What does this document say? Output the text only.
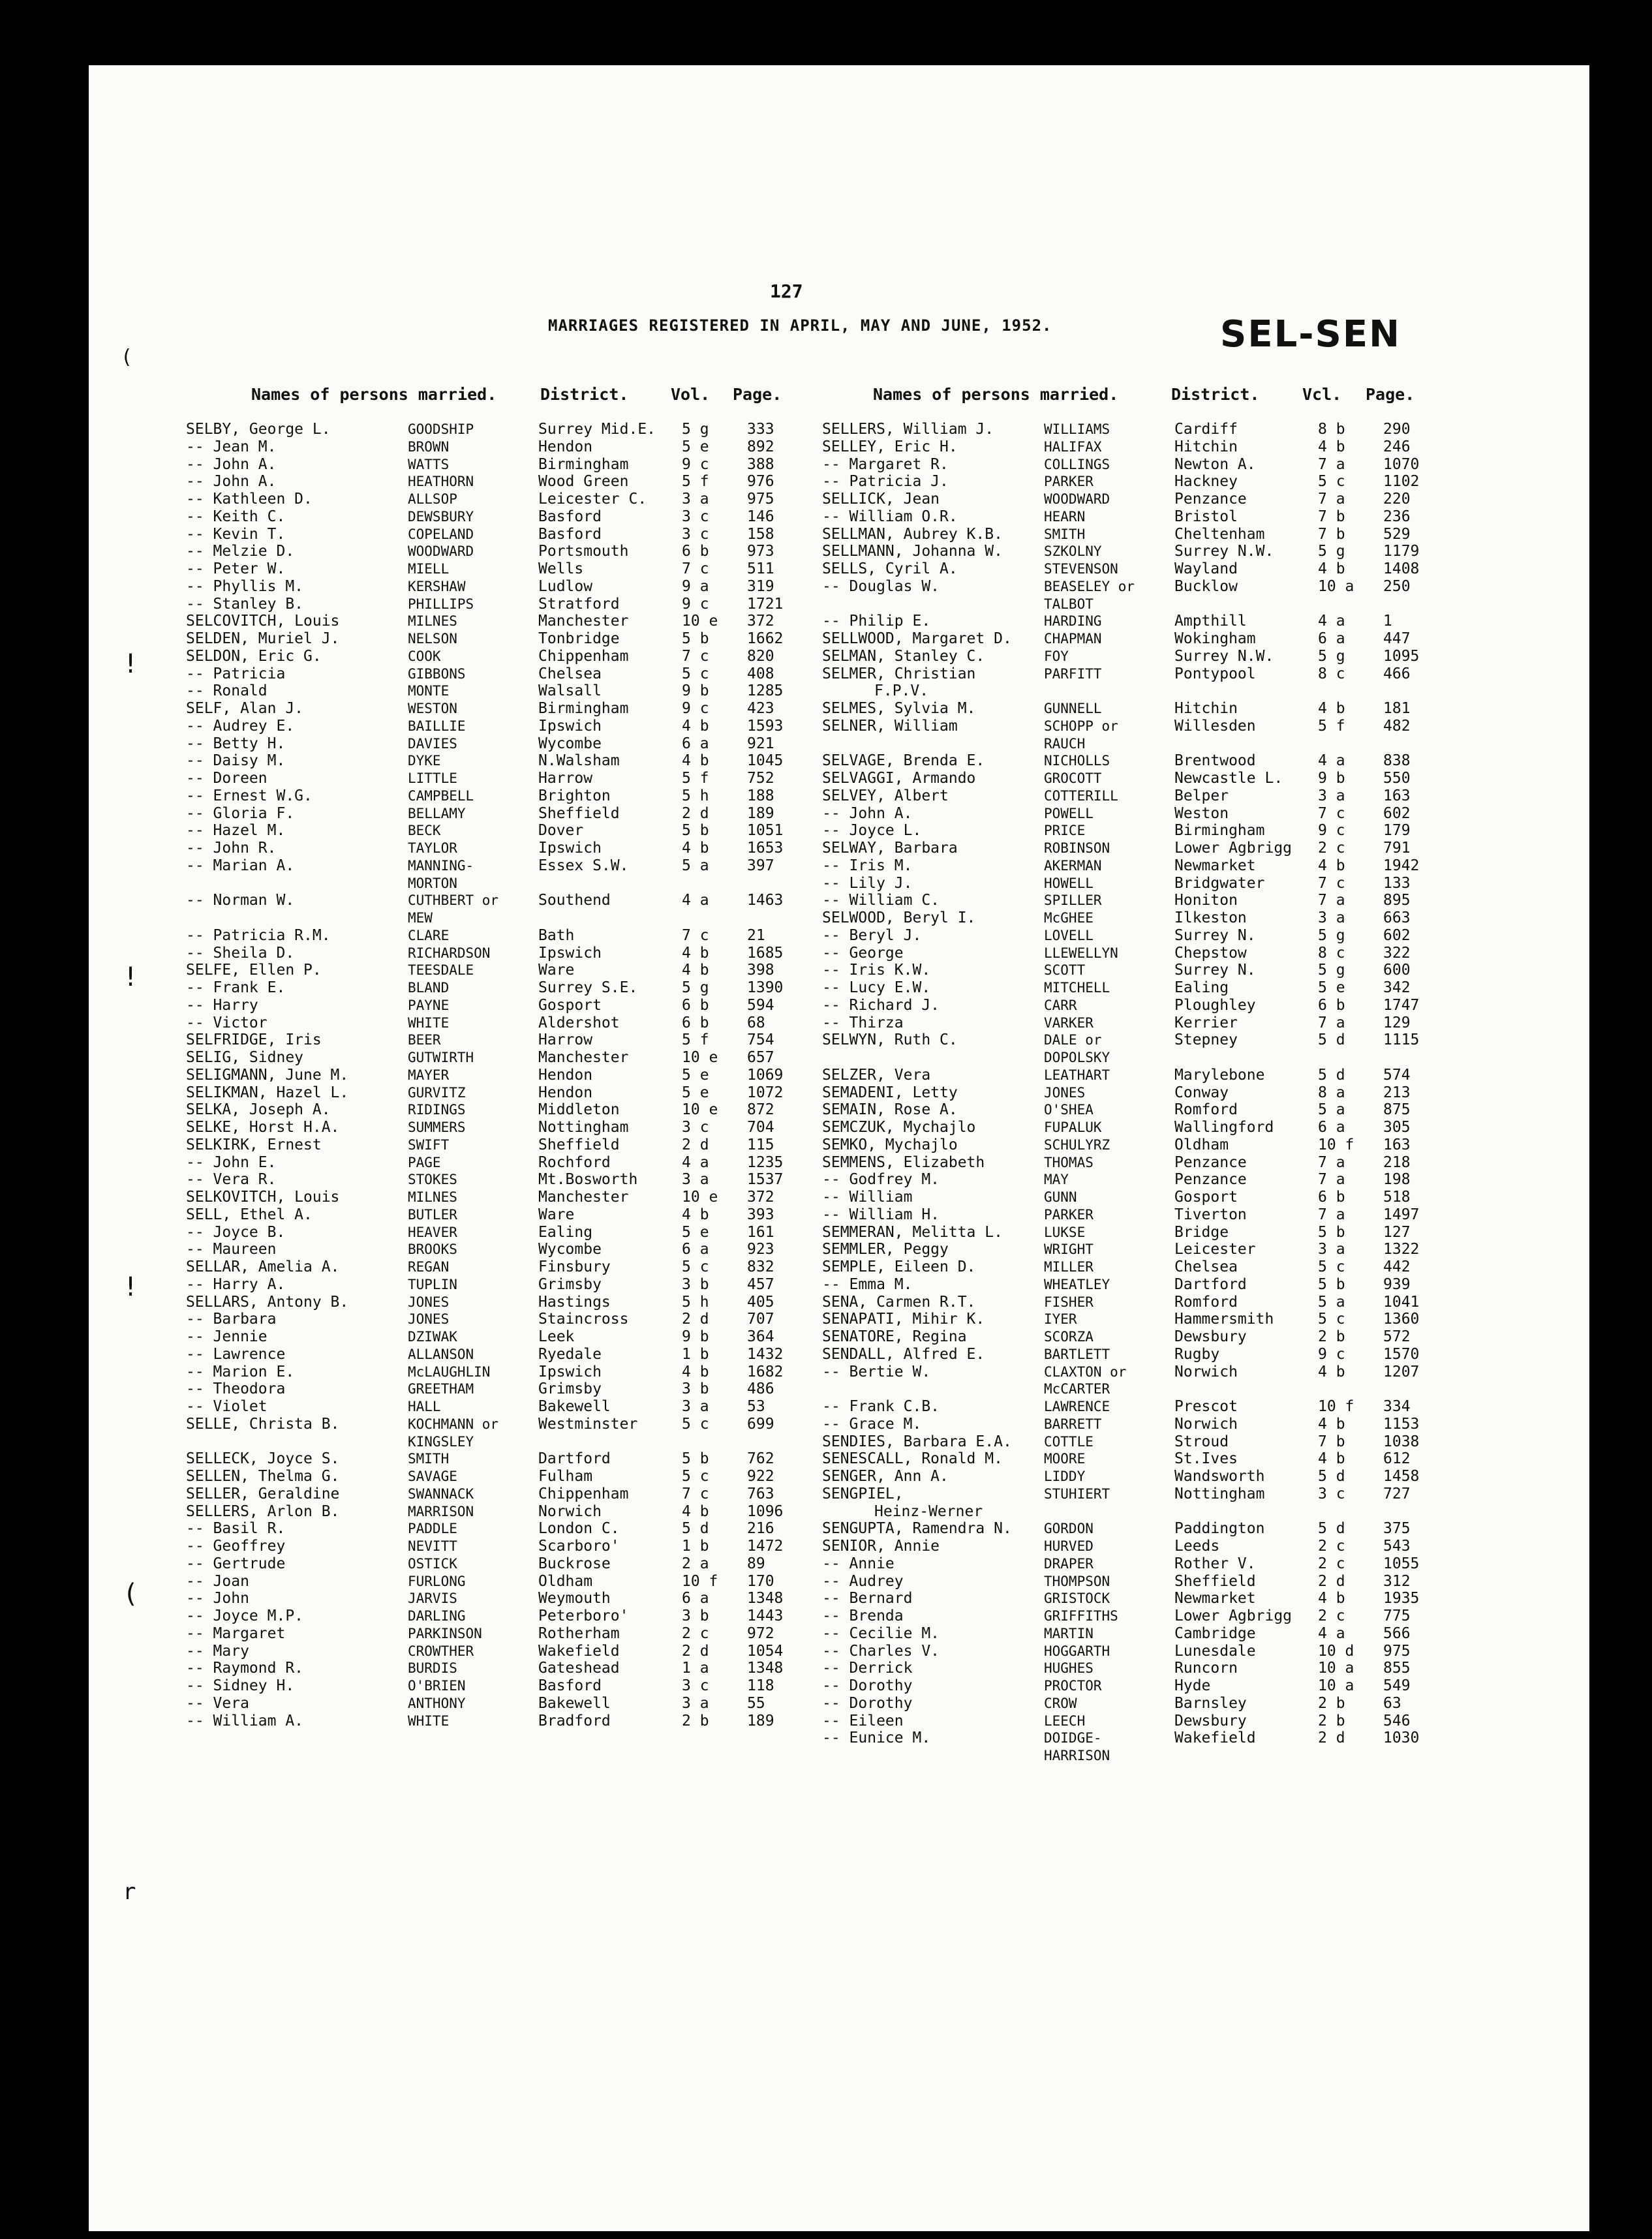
127
MARRIAGES REGISTERED IN APRIL, MAY AND JUNE, 1952.	SEL-SEN
Names of persons married.	District.	Vol. Page.	Names of persons married.	District.	Vcl. Page.
SELBY, George L.	GOODSHIP	Surrey Mid.E. 5 g	333
-- Jean M.	BROWN	Hendon	5 e	892
-- John A.	WATTS	Birmingham	9 c	388
-- John A.	HEATHORN	Wood Green	5 f	976
-- Kathleen D.	ALLSOP	Leicester C. 3 a	975
-- Keith C.	DEWSBURY	Basford	3 c	146
-- Kevin T.	COPELAND	Basford	3 c	158
-- Melzie D.	WOODWARD	Portsmouth	6 b	973
-- Peter W.	MIELL	Wells	7 c	511
-- Phyllis M.	KERSHAW	Ludlow	9 a	319
-- Stanley B.	PHILLIPS	Stratford	9 c	1721
SELCOVITCH, Louis	MILNES	Manchester	10 e 372
SELDEN, Muriel J.	NELSON	Tonbridge	5 b	1662
SELDON, Eric G.	COOK	Chippenham	7 c	820
-- Patricia	GIBBONS	Chelsea	5 c	408
-- Ronald	MONTE	Walsall	9 b	1285
SELF, Alan J.	WESTON	Birmingham	9 c	423
-- Audrey E.	BAILLIE	Ipswich	4 b	1593
-- Betty H.	DAVIES	Wycombe	6 a	921
-- Daisy M.	DYKE	N.Walsham	4 b	1045
-- Doreen	LITTLE	Harrow	5 f	752
-- Ernest W.G.	CAMPBELL	Brighton	5 h	188
-- Gloria F.	BELLAMY	Sheffield	2 d	189
-- Hazel M.	BECK	Dover	5 b	1051
-- John R.	TAYLOR	Ipswich	4 b	1653
-- Marian A.	MANNING-	Essex S.W.	5 a	397
MORTON
-- Norman W.	CUTHBERT or	Southend	4 a	1463
MEW
-- Patricia R.M.	CLARE	Bath	7 c	21
-- Sheila D.	RICHARDSON	Ipswich	4 b	1685
SELFE, Ellen P.	TEESDALE	Ware	4 b	398
-- Frank E.	BLAND	Surrey S.E.	5 g	1390
-- Harry	PAYNE	Gosport	6 b	594
-- Victor	WHITE	Aldershot	6 b	68
SELFRIDGE, Iris	BEER	Harrow	5 f	754
SELIG, Sidney	GUTWIRTH	Manchester	10 e 657
SELIGMANN, June M.	MAYER	Hendon	5 e	1069
SELIKMAN, Hazel L.	GURVITZ	Hendon	5 e	1072
SELKA, Joseph A.	RIDINGS	Middleton	10 e 872
SELKE, Horst H.A.	SUMMERS	Nottingham	3 c	704
SELKIRK, Ernest	SWIFT	Sheffield	2 d	115
-- John E.	PAGE	Rochford	4 a	1235
-- Vera R.	STOKES	Mt.Bosworth	3 a	1537
SELKOVITCH, Louis	MILNES	Manchester	10 e 372
SELL, Ethel A.	BUTLER	Ware	4 b	393
-- Joyce B.	HEAVER	Ealing	5 e	161
-- Maureen	BROOKS	Wycombe	6 a	923
SELLAR, Amelia A.	REGAN	Finsbury	5 c	832
-- Harry A.	TUPLIN	Grimsby	3 b	457
SELLARS, Antony B.	JONES	Hastings	5 h	405
-- Barbara	JONES	Staincross	2 d	707
-- Jennie	DZIWAK	Leek	9 b	364
-- Lawrence	ALLANSON	Ryedale	1 b	1432
-- Marion E.	McLAUGHLIN	Ipswich	4 b	1682
-- Theodora	GREETHAM	Grimsby	3 b	486
-- Violet	HALL	Bakewell	3 a	53
SELLE, Christa B.	KOCHMANN or	Westminster	5 c	699
KINGSLEY
SELLECK, Joyce S.	SMITH	Dartford	5 b	762
SELLEN, Thelma G.	SAVAGE	Fulham	5 c	922
SELLER, Geraldine	SWANNACK	Chippenham	7 c	763
SELLERS, Arlon B.	MARRISON	Norwich	4 b	1096
-- Basil R.	PADDLE	London C.	5 d	216
-- Geoffrey	NEVITT	Scarboro'	1 b	1472
-- Gertrude	OSTICK	Buckrose	2 a	89
-- Joan	FURLONG	Oldham	10 f 170
-- John	JARVIS	Weymouth	6 a	1348
-- Joyce M.P.	DARLING	Peterboro'	3 b	1443
-- Margaret	PARKINSON	Rotherham	2 c	972
-- Mary	CROWTHER	Wakefield	2 d	1054
-- Raymond R.	BURDIS	Gateshead	1 a	1348
-- Sidney H.	O'BRIEN	Basford	3 c	118
-- Vera	ANTHONY	Bakewell	3 a	55
-- William A.	WHITE	Bradford	2 b	189
SELLERS, William J.	WILLIAMS	Cardiff	8 b	290
SELLEY, Eric H.	HALIFAX	Hitchin	4 b	246
-- Margaret R.	COLLINGS	Newton A.	7 a	1070
-- Patricia J.	PARKER	Hackney	5 c	1102
SELLICK, Jean	WOODWARD	Penzance	7 a	220
-- William O.R.	HEARN	Bristol	7 b	236
SELLMAN, Aubrey K.B.	SMITH	Cheltenham	7 b	529
SELLMANN, Johanna W.	SZKOLNY	Surrey N.W.	5 g	1179
SELLS, Cyril A.	STEVENSON	Wayland	4 b	1408
-- Douglas W.	BEASELEY or	Bucklow	10 a 250
TALBOT
-- Philip E.	HARDING	Ampthill	4 a	1
SELLWOOD, Margaret D. CHAPMAN	Wokingham	6 a	447
SELMAN, Stanley C.	FOY	Surrey N.W.	5 g	1095
SELMER, Christian	PARFITT	Pontypool	8 c	466
F.P.V.
SELMES, Sylvia M.	GUNNELL	Hitchin	4 b	181
SELNER, William	SCHOPP or	Willesden	5 f	482
RAUCH
SELVAGE, Brenda E.	NICHOLLS	Brentwood	4 a	838
SELVAGGI, Armando	GROCOTT	Newcastle L. 9 b	550
SELVEY, Albert	COTTERILL	Belper	3 a	163
-- John A.	POWELL	Weston	7 c	602
-- Joyce L.	PRICE	Birmingham	9 c	179
SELWAY, Barbara	ROBINSON	Lower Agbrigg 2 c	791
-- Iris M.	AKERMAN	Newmarket	4 b	1942
-- Lily J.	HOWELL	Bridgwater	7 c	133
-- William C.	SPILLER	Honiton	7 a	895
SELWOOD, Beryl I.	McGHEE	Ilkeston	3 a	663
-- Beryl J.	LOVELL	Surrey N.	5 g	602
-- George	LLEWELLYN	Chepstow	8 c	322
-- Iris K.W.	SCOTT	Surrey N.	5 g	600
-- Lucy E.W.	MITCHELL	Ealing	5 e	342
-- Richard J.	CARR	Ploughley	6 b	1747
-- Thirza	VARKER	Kerrier	7 a	129
SELWYN, Ruth C.	DALE or	Stepney	5 d	1115
DOPOLSKY
SELZER, Vera	LEATHART	Marylebone	5 d	574
SEMADENI, Letty	JONES	Conway	8 a	213
SEMAIN, Rose A.	O'SHEA	Romford	5 a	875
SEMCZUK, Mychajlo	FUPALUK	Wallingford	6 a	305
SEMKO, Mychajlo	SCHULYRZ	Oldham	10 f 163
SEMMENS, Elizabeth	THOMAS	Penzance	7 a	218
-- Godfrey M.	MAY	Penzance	7 a	198
-- William	GUNN	Gosport	6 b	518
-- William H.	PARKER	Tiverton	7 a	1497
SEMMERAN, Melitta L.	LUKSE	Bridge	5 b	127
SEMMLER, Peggy	WRIGHT	Leicester	3 a	1322
SEMPLE, Eileen D.	MILLER	Chelsea	5 c	442
-- Emma M.	WHEATLEY	Dartford	5 b	939
SENA, Carmen R.T.	FISHER	Romford	5 a	1041
SENAPATI, Mihir K.	IYER	Hammersmith	5 c	1360
SENATORE, Regina	SCORZA	Dewsbury	2 b	572
SENDALL, Alfred E.	BARTLETT	Rugby	9 c	1570
-- Bertie W.	CLAXTON or	Norwich	4 b	1207
McCARTER
-- Frank C.B.	LAWRENCE	Prescot	10 f 334
-- Grace M.	BARRETT	Norwich	4 b	1153
SENDIES, Barbara E.A. COTTLE	Stroud	7 b	1038
SENESCALL, Ronald M.	MOORE	St.Ives	4 b	612
SENGER, Ann A.	LIDDY	Wandsworth	5 d	1458
SENGPIEL,	STUHIERT	Nottingham	3 c	727
Heinz-Werner
SENGUPTA, Ramendra N. GORDON	Paddington	5 d	375
SENIOR, Annie	HURVED	Leeds	2 c	543
-- Annie	DRAPER	Rother V.	2 c	1055
-- Audrey	THOMPSON	Sheffield	2 d	312
-- Bernard	GRISTOCK	Newmarket	4 b	1935
-- Brenda	GRIFFITHS	Lower Agbrigg 2 c	775
-- Cecilie M.	MARTIN	Cambridge	4 a	566
-- Charles V.	HOGGARTH	Lunesdale	10 d 975
-- Derrick	HUGHES	Runcorn	10 a 855
-- Dorothy	PROCTOR	Hyde	10 a 549
-- Dorothy	CROW	Barnsley	2 b	63
-- Eileen	LEECH	Dewsbury	2 b	546
-- Eunice M.	DOIDGE-	Wakefield	2 d	1030
HARRISON
(
!
!
!
(
r
